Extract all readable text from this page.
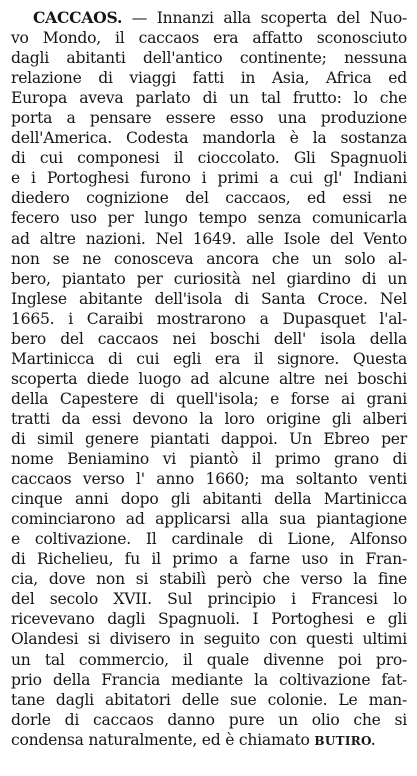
CACCAOS. — Innanzi alla scoperta del Nuo-
vo Mondo, il caccaos era affatto sconosciuto
dagli abitanti dell'antico continente; nessuna
relazione di viaggi fatti in Asia, Africa ed
Europa aveva parlato di un tal frutto: lo che
porta a pensare essere esso una produzione
dell'America. Codesta mandorla è la sostanza
di cui componesi il cioccolato. Gli Spagnuoli
e i Portoghesi furono i primi a cui gl' Indiani
diedero cognizione del caccaos, ed essi ne
fecero uso per lungo tempo senza comunicarla
ad altre nazioni. Nel 1649. alle Isole del Vento
non se ne conosceva ancora che un solo al-
bero, piantato per curiosità nel giardino di un
Inglese abitante dell'isola di Santa Croce. Nel
1665. i Caraibi mostrarono a Dupasquet l'al-
bero del caccaos nei boschi dell' isola della
Martinicca di cui egli era il signore. Questa
scoperta diede luogo ad alcune altre nei boschi
della Capestere di quell'isola; e forse ai grani
tratti da essi devono la loro origine gli alberi
di simil genere piantati dappoi. Un Ebreo per
nome Beniamino vi piantò il primo grano di
caccaos verso l' anno 1660; ma soltanto venti
cinque anni dopo gli abitanti della Martinicca
cominciarono ad applicarsi alla sua piantagione
e coltivazione. Il cardinale di Lione, Alfonso
di Richelieu, fu il primo a farne uso in Fran-
cia, dove non si stabilì però che verso la fine
del secolo XVII. Sul principio i Francesi lo
ricevevano dagli Spagnuoli. I Portoghesi e gli
Olandesi si divisero in seguito con questi ultimi
un tal commercio, il quale divenne poi pro-
prio della Francia mediante la coltivazione fat-
tane dagli abitatori delle sue colonie. Le man-
dorle di caccaos danno pure un olio che si
condensa naturalmente, ed è chiamato BUTIRO.
